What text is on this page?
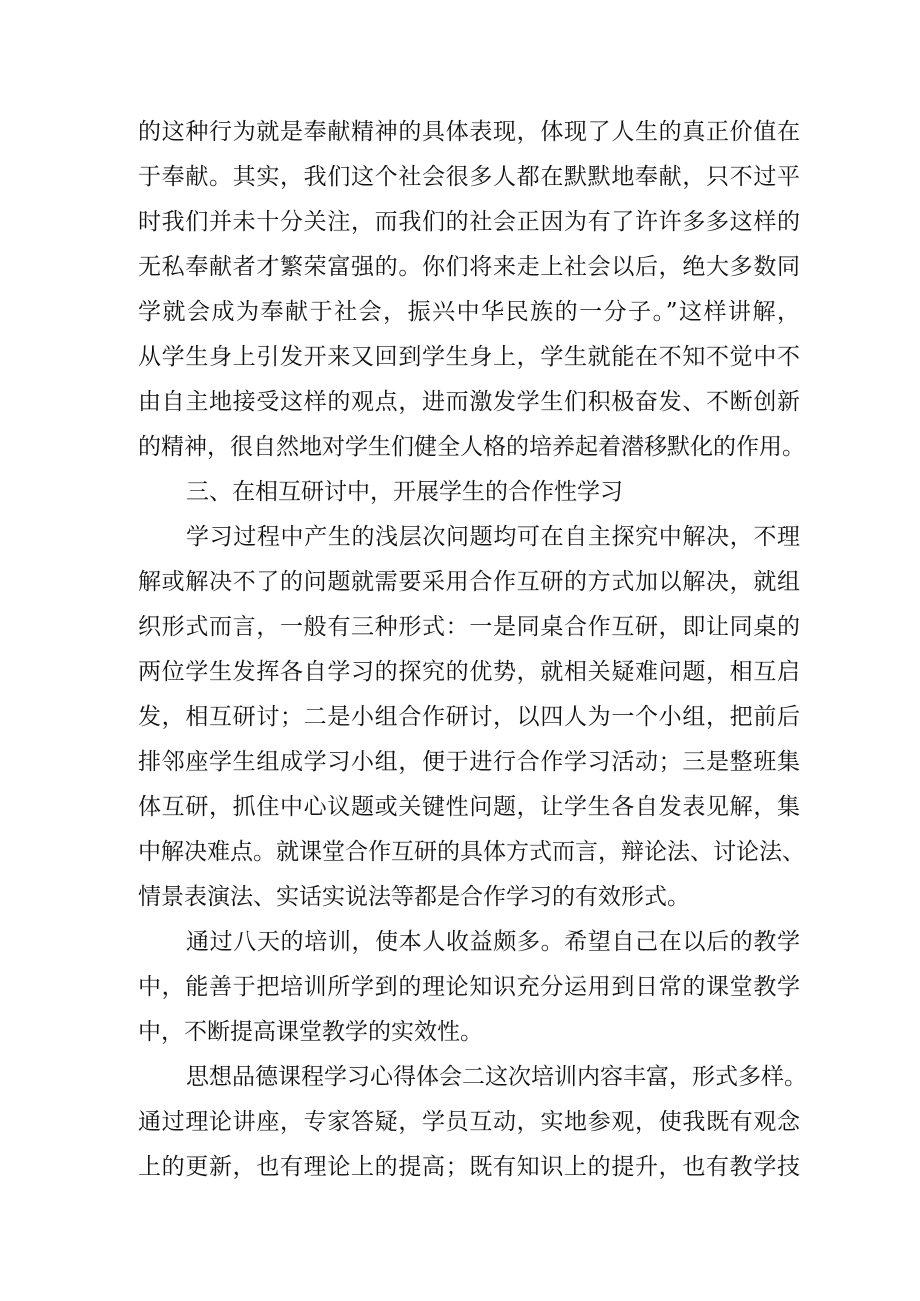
的这种行为就是奉献精神的具体表现，体现了人生的真正价值在
于奉献。其实，我们这个社会很多人都在默默地奉献，只不过平
时我们并未十分关注，而我们的社会正因为有了许许多多这样的
无私奉献者才繁荣富强的。你们将来走上社会以后，绝大多数同
学就会成为奉献于社会，振兴中华民族的一分子。”这样讲解，
从学生身上引发开来又回到学生身上，学生就能在不知不觉中不
由自主地接受这样的观点，进而激发学生们积极奋发、不断创新
的精神，很自然地对学生们健全人格的培养起着潜移默化的作用。
三、在相互研讨中，开展学生的合作性学习
学习过程中产生的浅层次问题均可在自主探究中解决，不理
解或解决不了的问题就需要采用合作互研的方式加以解决，就组
织形式而言，一般有三种形式：一是同桌合作互研，即让同桌的
两位学生发挥各自学习的探究的优势，就相关疑难问题，相互启
发，相互研讨；二是小组合作研讨，以四人为一个小组，把前后
排邻座学生组成学习小组，便于进行合作学习活动；三是整班集
体互研，抓住中心议题或关键性问题，让学生各自发表见解，集
中解决难点。就课堂合作互研的具体方式而言，辩论法、讨论法、
情景表演法、实话实说法等都是合作学习的有效形式。
通过八天的培训，使本人收益颇多。希望自己在以后的教学
中，能善于把培训所学到的理论知识充分运用到日常的课堂教学
中，不断提高课堂教学的实效性。
思想品德课程学习心得体会二这次培训内容丰富，形式多样。
通过理论讲座，专家答疑，学员互动，实地参观，使我既有观念
上的更新，也有理论上的提高；既有知识上的提升，也有教学技
